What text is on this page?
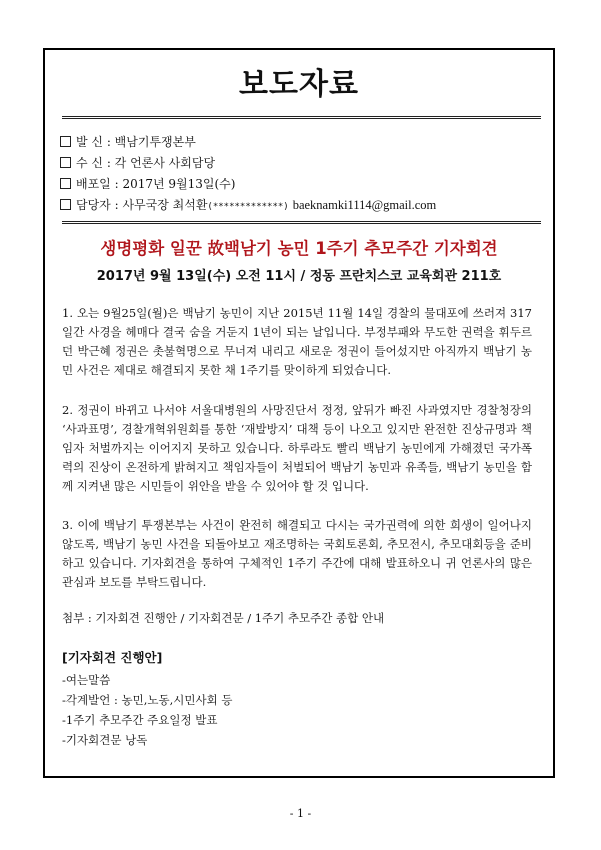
보도자료
발 신 : 백남기투쟁본부
수 신 : 각 언론사 사회담당
배포일 : 2017년 9월13일(수)
담당자 : 사무국장 최석환(*************) baeknamki1114@gmail.com
생명평화 일꾼 故백남기 농민 1주기 추모주간 기자회견
2017년 9월 13일(수) 오전 11시 / 정동 프란치스코 교육회관 211호
1. 오는 9월25일(월)은 백남기 농민이 지난 2015년 11월 14일 경찰의 물대포에 쓰러져 317일간 사경을 헤매다 결국 숨을 거둔지 1년이 되는 날입니다. 부정부패와 무도한 권력을 휘두르던 박근혜 정권은 촛불혁명으로 무너져 내리고 새로운 정권이 들어섰지만 아직까지 백남기 농민 사건은 제대로 해결되지 못한 채 1주기를 맞이하게 되었습니다.
2. 정권이 바뀌고 나서야 서울대병원의 사망진단서 정정, 앞뒤가 빠진 사과였지만 경찰청장의 ‘사과표명’, 경찰개혁위원회를 통한 ‘재발방지’ 대책 등이 나오고 있지만 완전한 진상규명과 책임자 처벌까지는 이어지지 못하고 있습니다. 하루라도 빨리 백남기 농민에게 가해졌던 국가폭력의 진상이 온전하게 밝혀지고 책임자들이 처벌되어 백남기 농민과 유족들, 백남기 농민을 함께 지켜낸 많은 시민들이 위안을 받을 수 있어야 할 것 입니다.
3. 이에 백남기 투쟁본부는 사건이 완전히 해결되고 다시는 국가권력에 의한 희생이 일어나지 않도록, 백남기 농민 사건을 되돌아보고 재조명하는 국회토론회, 추모전시, 추모대회등을 준비하고 있습니다. 기자회견을 통하여 구체적인 1주기 주간에 대해 발표하오니 귀 언론사의 많은 관심과 보도를 부탁드립니다.
첨부 : 기자회견 진행안 / 기자회견문 / 1주기 추모주간 종합 안내
[기자회견 진행안]
-여는말씀
-각계발언 : 농민,노동,시민사회 등
-1주기 추모주간 주요일정 발표
-기자회견문 낭독
- 1 -
